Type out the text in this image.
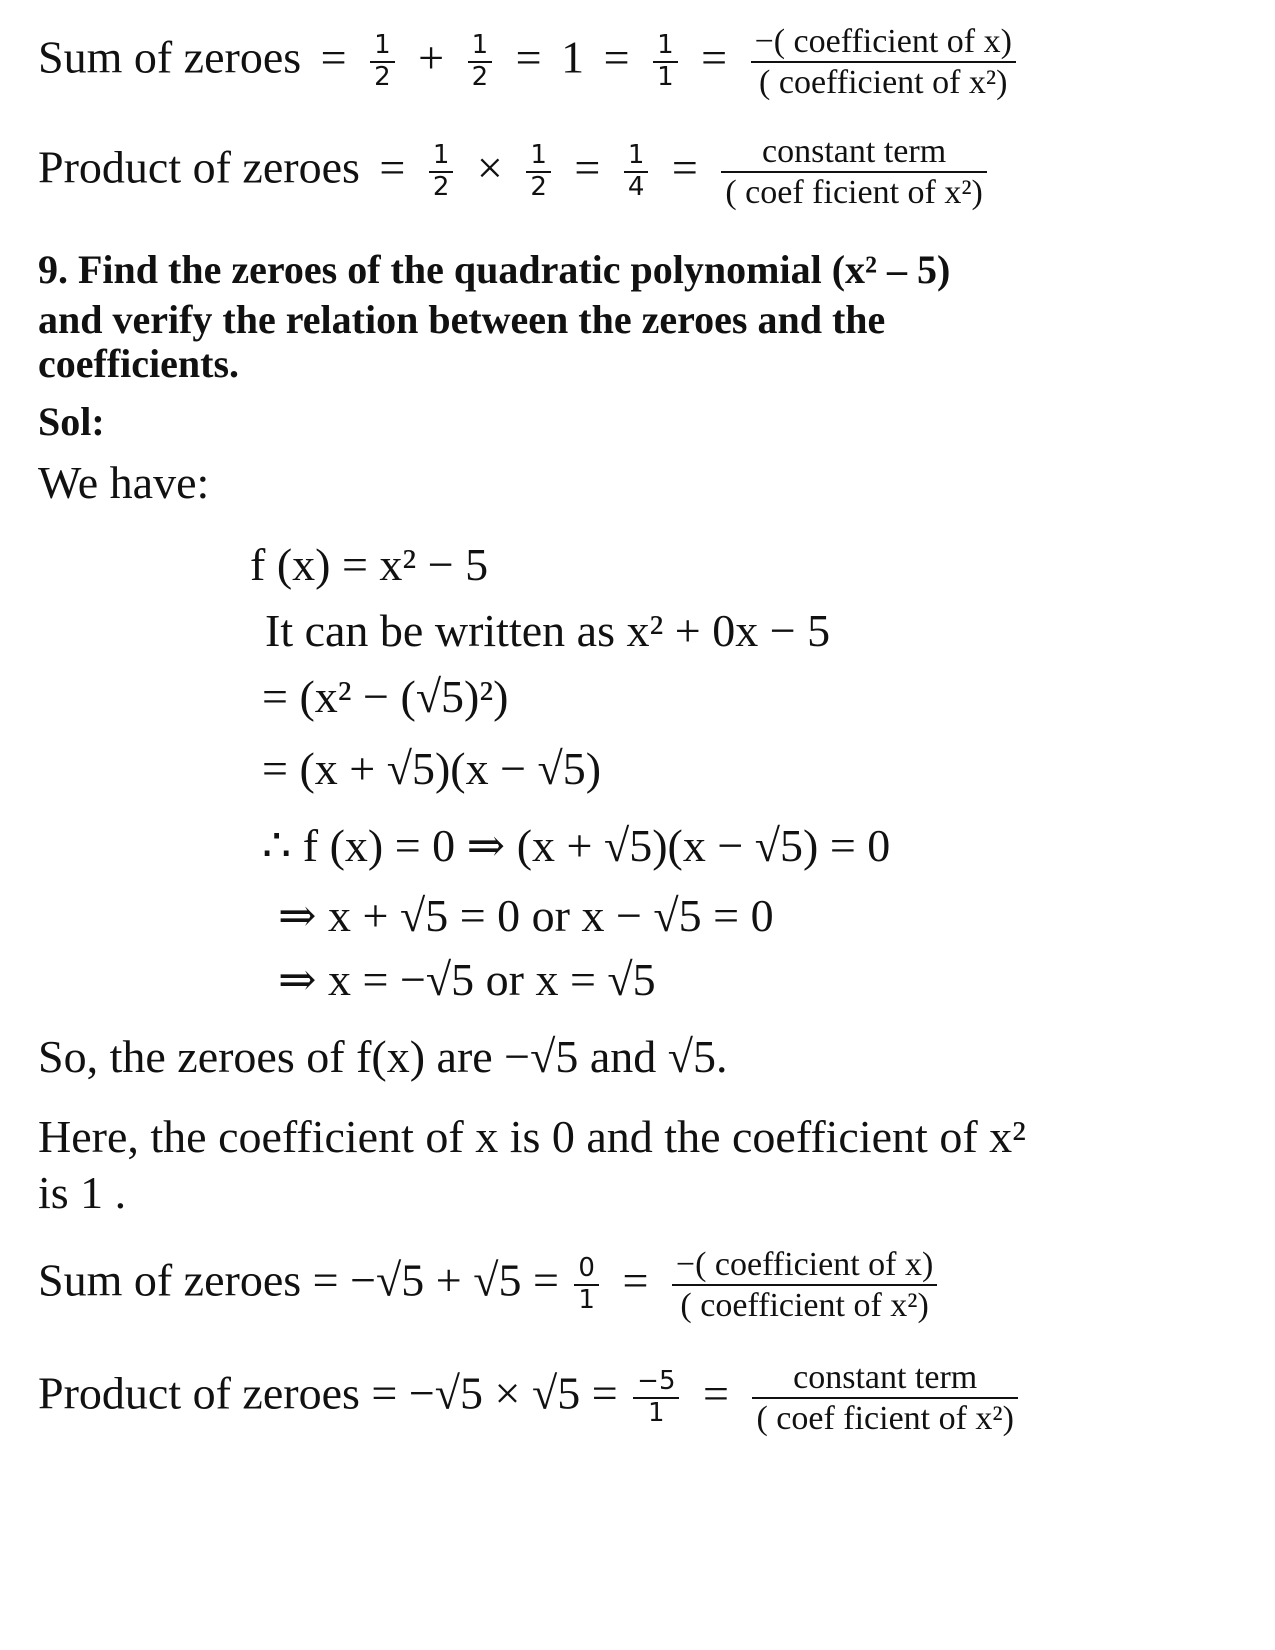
Sum of zeroes = $\frac{1}{2} + \frac{1}{2} = 1 = \frac{1}{1} = \frac{\text{−( coefficient of x)}}{\text{( coefficient of x²)}}$
Product of zeroes = $\frac{1}{2} \times \frac{1}{2} = \frac{1}{4} = \frac{\text{constant term}}{\text{( coef ficient of x²)}}$
9. Find the zeroes of the quadratic polynomial (x² – 5)
and verify the relation between the zeroes and the
coefficients.
Sol:
We have:
f (x) = x² − 5
It can be written as x² + 0x − 5
= (x² − (√5)²)
= (x + √5)(x − √5)
∴ f (x) = 0 ⇒ (x + √5)(x − √5) = 0
⇒ x + √5 = 0 or x − √5 = 0
⇒ x = −√5 or x = √5
So, the zeroes of f(x) are −√5 and √5.
Here, the coefficient of x is 0 and the coefficient of x²
is 1 .
Sum of zeroes = $-√5 + √5 = \frac{0}{1} = \frac{\text{−( coefficient of x)}}{\text{( coefficient of x²)}}$
Product of zeroes = $-√5 \times √5 = \frac{-5}{1} = \frac{\text{constant term}}{\text{( coef ficient of x²)}}$
